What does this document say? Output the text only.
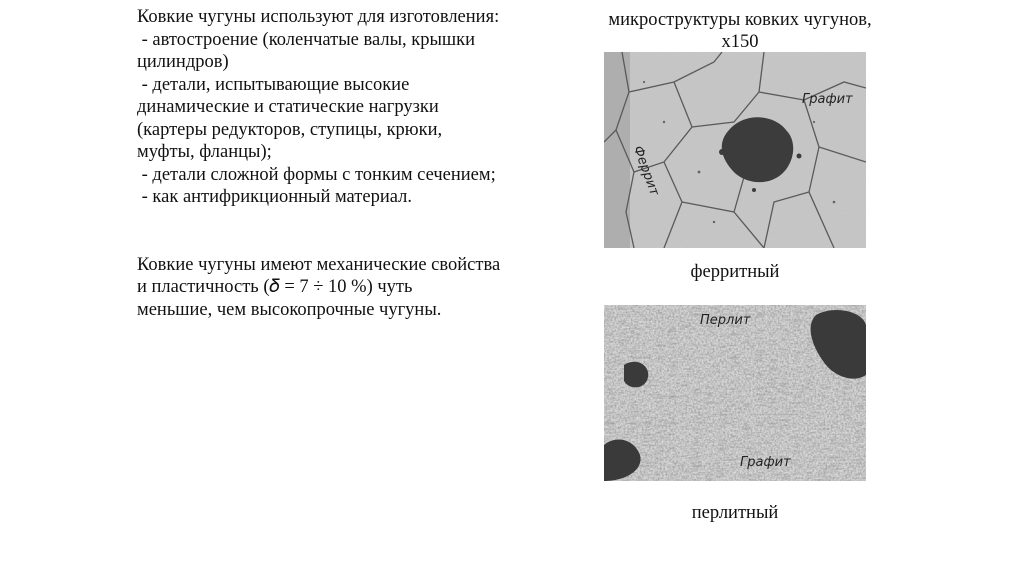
Ковкие чугуны используют для изготовления:
- автостроение (коленчатые валы, крышки
цилиндров)
- детали, испытывающие высокие
динамические и статические нагрузки
(картеры редукторов, ступицы, крюки,
муфты, фланцы);
- детали сложной формы с тонким сечением;
- как антифрикционный материал.
Ковкие чугуны имеют механические свойства
и пластичность (𝛿 = 7 ÷ 10 %) чуть
меньшие, чем высокопрочные чугуны.
микроструктуры ковких чугунов,
x150
Графит
Феррит
ферритный
Перлит
Графит
перлитный
